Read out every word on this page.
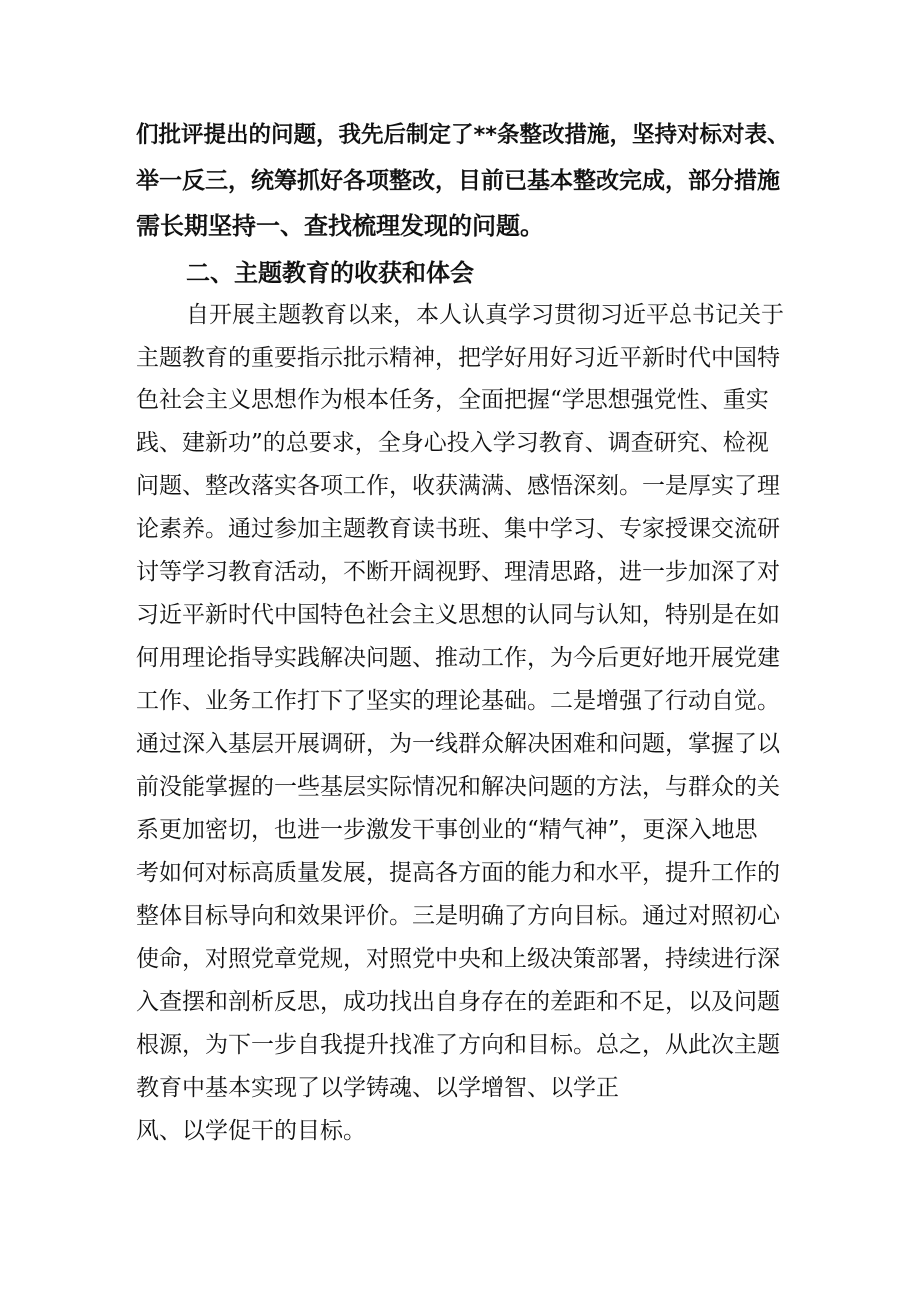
们批评提出的问题，我先后制定了**条整改措施，坚持对标对表、
举一反三，统筹抓好各项整改，目前已基本整改完成，部分措施
需长期坚持一、查找梳理发现的问题。
二、主题教育的收获和体会
自开展主题教育以来，本人认真学习贯彻习近平总书记关于
主题教育的重要指示批示精神，把学好用好习近平新时代中国特
色社会主义思想作为根本任务，全面把握“学思想强党性、重实
践、建新功”的总要求，全身心投入学习教育、调查研究、检视
问题、整改落实各项工作，收获满满、感悟深刻。一是厚实了理
论素养。通过参加主题教育读书班、集中学习、专家授课交流研
讨等学习教育活动，不断开阔视野、理清思路，进一步加深了对
习近平新时代中国特色社会主义思想的认同与认知，特别是在如
何用理论指导实践解决问题、推动工作，为今后更好地开展党建
工作、业务工作打下了坚实的理论基础。二是增强了行动自觉。
通过深入基层开展调研，为一线群众解决困难和问题，掌握了以
前没能掌握的一些基层实际情况和解决问题的方法，与群众的关
系更加密切，也进一步激发干事创业的“精气神”，更深入地思
考如何对标高质量发展，提高各方面的能力和水平，提升工作的
整体目标导向和效果评价。三是明确了方向目标。通过对照初心
使命，对照党章党规，对照党中央和上级决策部署，持续进行深
入查摆和剖析反思，成功找出自身存在的差距和不足，以及问题
根源，为下一步自我提升找准了方向和目标。总之，从此次主题
教育中基本实现了以学铸魂、以学增智、以学正
风、以学促干的目标。
